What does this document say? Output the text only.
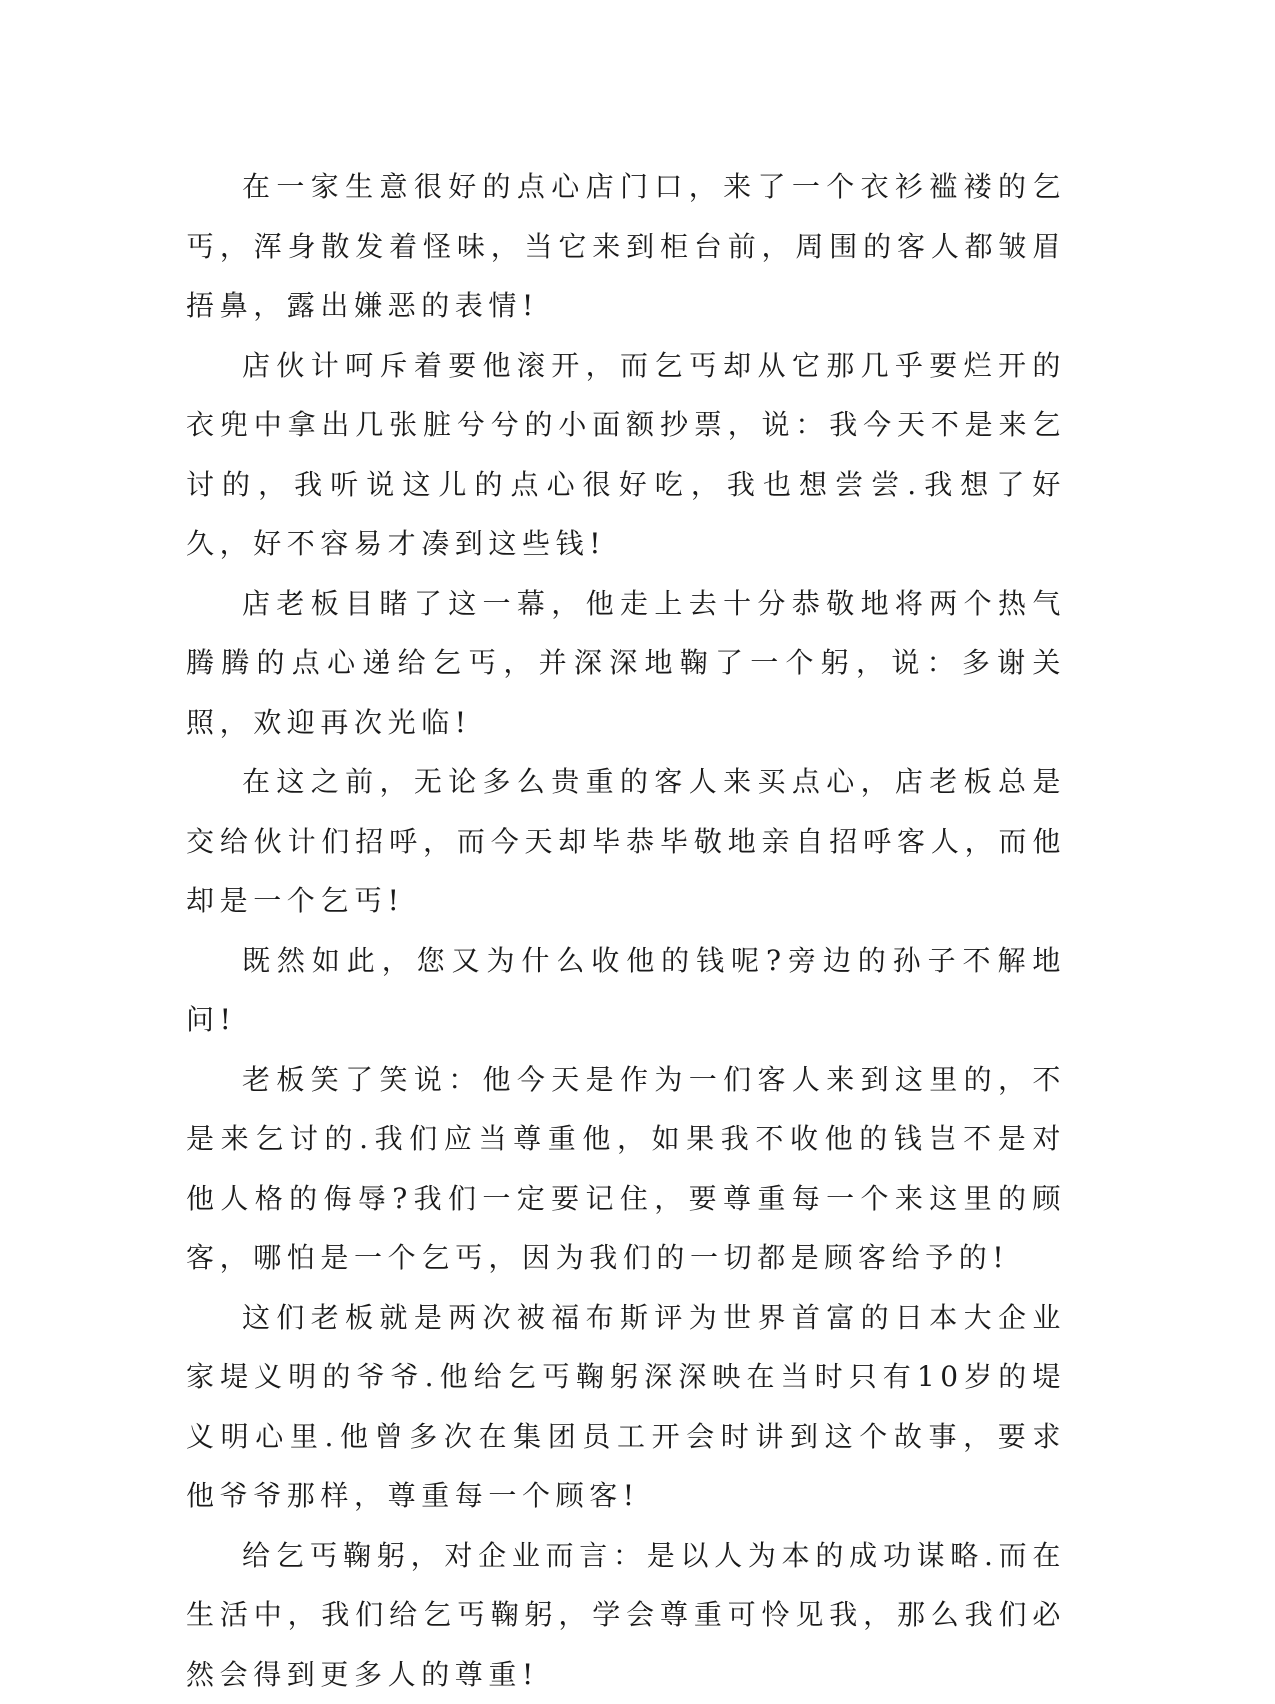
在一家生意很好的点心店门口，来了一个衣衫褴褛的乞丐，浑身散发着怪味，当它来到柜台前，周围的客人都皱眉捂鼻，露出嫌恶的表情!

店伙计呵斥着要他滚开，而乞丐却从它那几乎要烂开的衣兜中拿出几张脏兮兮的小面额抄票，说：我今天不是来乞讨的，我听说这儿的点心很好吃，我也想尝尝.我想了好久，好不容易才凑到这些钱!

店老板目睹了这一幕，他走上去十分恭敬地将两个热气腾腾的点心递给乞丐，并深深地鞠了一个躬，说：多谢关照，欢迎再次光临!

在这之前，无论多么贵重的客人来买点心，店老板总是交给伙计们招呼，而今天却毕恭毕敬地亲自招呼客人，而他却是一个乞丐!

既然如此，您又为什么收他的钱呢?旁边的孙子不解地问!

老板笑了笑说：他今天是作为一们客人来到这里的，不是来乞讨的.我们应当尊重他，如果我不收他的钱岂不是对他人格的侮辱?我们一定要记住，要尊重每一个来这里的顾客，哪怕是一个乞丐，因为我们的一切都是顾客给予的!

这们老板就是两次被福布斯评为世界首富的日本大企业家堤义明的爷爷.他给乞丐鞠躬深深映在当时只有10岁的堤义明心里.他曾多次在集团员工开会时讲到这个故事，要求他爷爷那样，尊重每一个顾客!

给乞丐鞠躬，对企业而言：是以人为本的成功谋略.而在生活中，我们给乞丐鞠躬，学会尊重可怜见我，那么我们必然会得到更多人的尊重!
